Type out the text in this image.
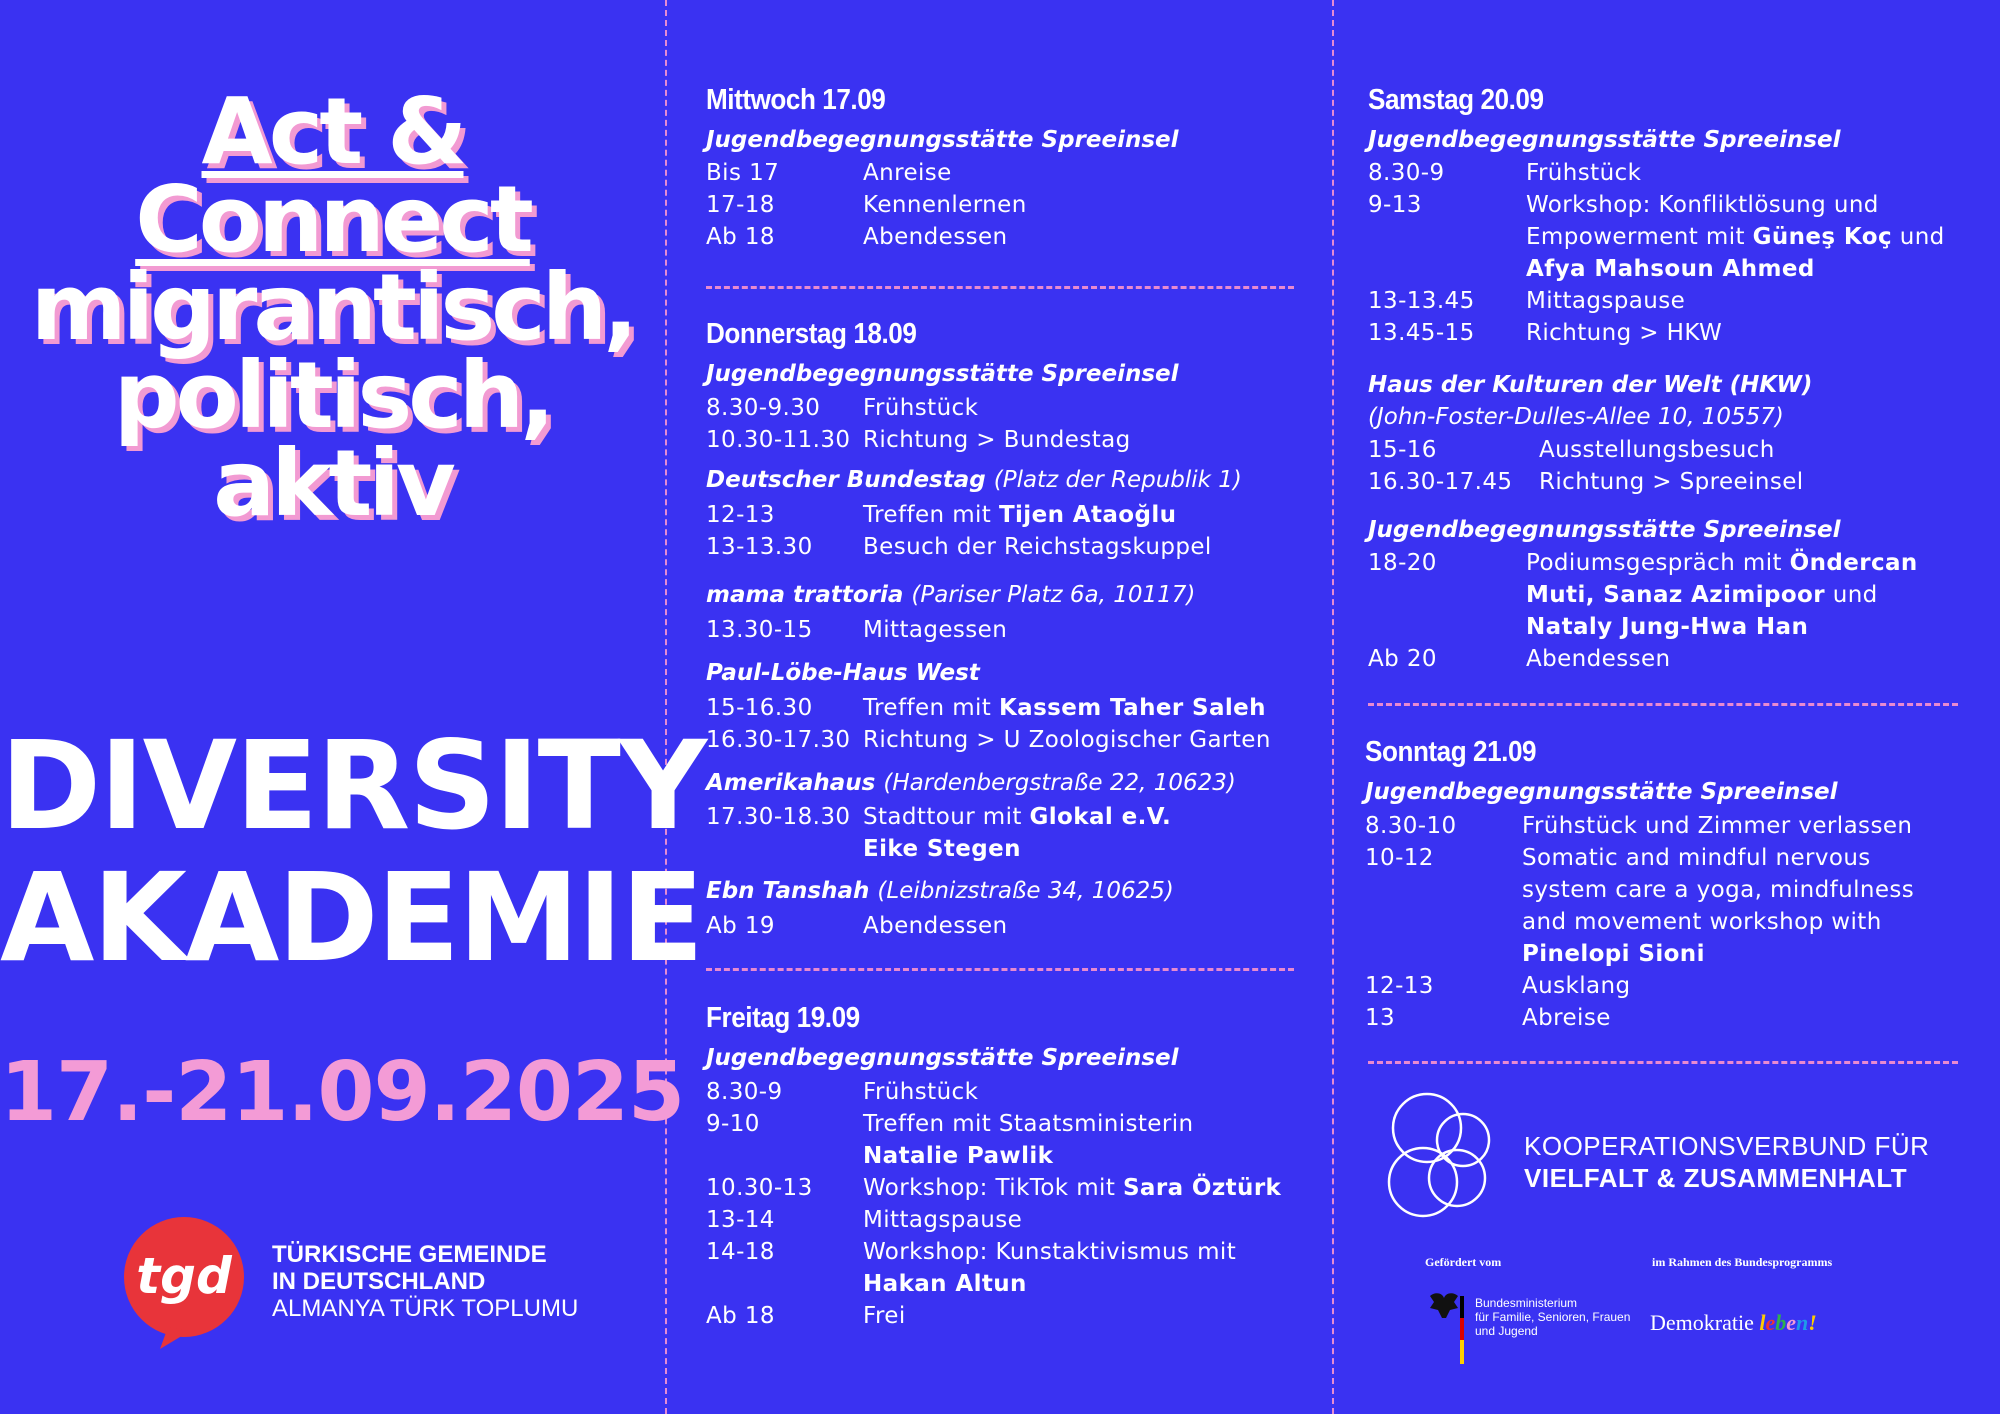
Act &
Connect
migrantisch,
politisch,
aktiv
DIVERSITY
AKADEMIE
17.-21.09.2025
tgd TÜRKISCHE GEMEINDE
IN DEUTSCHLAND
ALMANYA TÜRK TOPLUMU
Mittwoch 17.09
Jugendbegegnungsstätte Spreeinsel
Bis 17	Anreise
17-18	Kennenlernen
Ab 18	Abendessen
Donnerstag 18.09
Jugendbegegnungsstätte Spreeinsel
8.30-9.30 Frühstück
10.30-11.30 Richtung > Bundestag
Deutscher Bundestag (Platz der Republik 1)
12-13	Treffen mit Tijen Ataoğlu
13-13.30 Besuch der Reichstagskuppel
mama trattoria (Pariser Platz 6a, 10117)
13.30-15 Mittagessen
Paul-Löbe-Haus West
15-16.30 Treffen mit Kassem Taher Saleh
16.30-17.30 Richtung > U Zoologischer Garten
Amerikahaus (Hardenbergstraße 22, 10623)
17.30-18.30 Stadttour mit Glokal e.V.
Eike Stegen
Ebn Tanshah (Leibnizstraße 34, 10625)
Ab 19	Abendessen
Freitag 19.09
Jugendbegegnungsstätte Spreeinsel
8.30-9	Frühstück
9-10	Treffen mit Staatsministerin
Natalie Pawlik
10.30-13 Workshop: TikTok mit Sara Öztürk
13-14	Mittagspause
14-18	Workshop: Kunstaktivismus mit
Hakan Altun
Ab 18	Frei
Samstag 20.09
Jugendbegegnungsstätte Spreeinsel
8.30-9	Frühstück
9-13	Workshop: Konfliktlösung und
Empowerment mit Güneş Koç und
Afya Mahsoun Ahmed
13-13.45 Mittagspause
13.45-15 Richtung > HKW
Haus der Kulturen der Welt (HKW)
(John-Foster-Dulles-Allee 10, 10557)
15-16	Ausstellungsbesuch
16.30-17.45 Richtung > Spreeinsel
Jugendbegegnungsstätte Spreeinsel
18-20	Podiumsgespräch mit Öndercan
Muti, Sanaz Azimipoor und
Nataly Jung-Hwa Han
Ab 20	Abendessen
Sonntag 21.09
Jugendbegegnungsstätte Spreeinsel
8.30-10	Frühstück und Zimmer verlassen
10-12	Somatic and mindful nervous
system care a yoga, mindfulness
and movement workshop with
Pinelopi Sioni
12-13	Ausklang
13	Abreise
KOOPERATIONSVERBUND FÜR
VIELFALT & ZUSAMMENHALT
Gefördert vom	im Rahmen des Bundesprogramms
Bundesministerium
für Familie, Senioren, Frauen
und Jugend	Demokratie leben!
